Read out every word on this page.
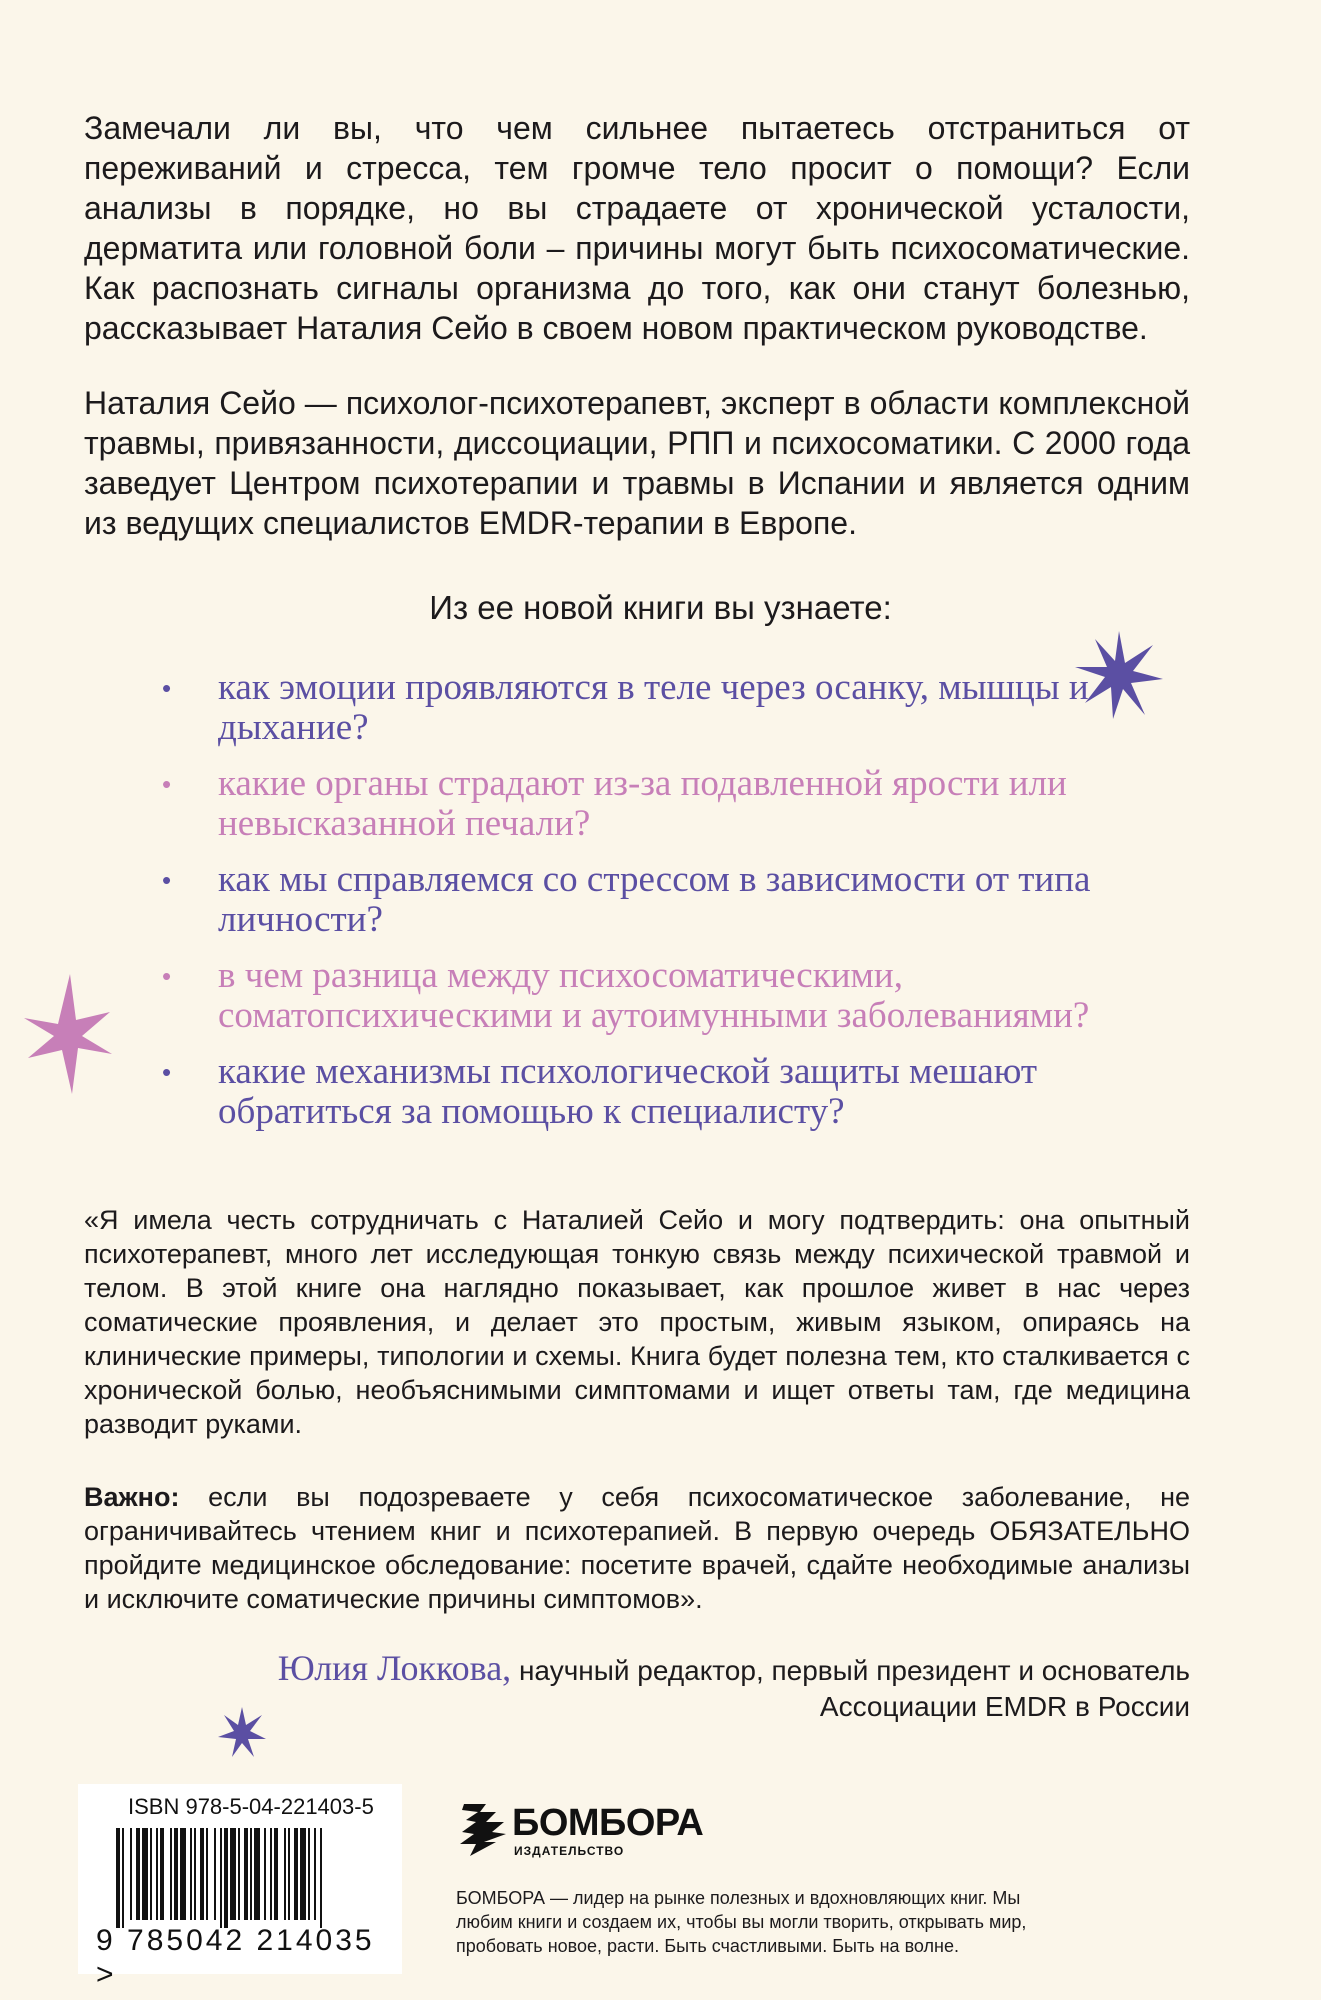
Замечали ли вы, что чем сильнее пытаетесь отстраниться от переживаний и стресса, тем громче тело просит о помощи? Если анализы в порядке, но вы страдаете от хронической усталости, дерматита или головной боли – причины могут быть психосоматические. Как распознать сигналы организма до того, как они станут болезнью, рассказывает Наталия Сейо в своем новом практическом руководстве.
Наталия Сейо — психолог-психотерапевт, эксперт в области комплексной травмы, привязанности, диссоциации, РПП и психосоматики. С 2000 года заведует Центром психотерапии и травмы в Испании и является одним из ведущих специалистов EMDR-терапии в Европе.
Из ее новой книги вы узнаете:
• как эмоции проявляются в теле через осанку, мышцы и дыхание?
• какие органы страдают из-за подавленной ярости или невысказанной печали?
• как мы справляемся со стрессом в зависимости от типа личности?
• в чем разница между психосоматическими, соматопсихическими и аутоимунными заболеваниями?
• какие механизмы психологической защиты мешают обратиться за помощью к специалисту?
«Я имела честь сотрудничать с Наталией Сейо и могу подтвердить: она опытный психотерапевт, много лет исследующая тонкую связь между психической травмой и телом. В этой книге она наглядно показывает, как прошлое живет в нас через соматические проявления, и делает это простым, живым языком, опираясь на клинические примеры, типологии и схемы. Книга будет полезна тем, кто сталкивается с хронической болью, необъяснимыми симптомами и ищет ответы там, где медицина разводит руками.
Важно: если вы подозреваете у себя психосоматическое заболевание, не ограничивайтесь чтением книг и психотерапией. В первую очередь ОБЯЗАТЕЛЬНО пройдите медицинское обследование: посетите врачей, сдайте необходимые анализы и исключите соматические причины симптомов».
Юлия Локкова, научный редактор, первый президент и основатель
Ассоциации EMDR в России
ISBN 978-5-04-221403-5
9 785042 214035 >
БОМБОРА
ИЗДАТЕЛЬСТВО
БОМБОРА — лидер на рынке полезных и вдохновляющих книг. Мы любим книги и создаем их, чтобы вы могли творить, открывать мир, пробовать новое, расти. Быть счастливыми. Быть на волне.
